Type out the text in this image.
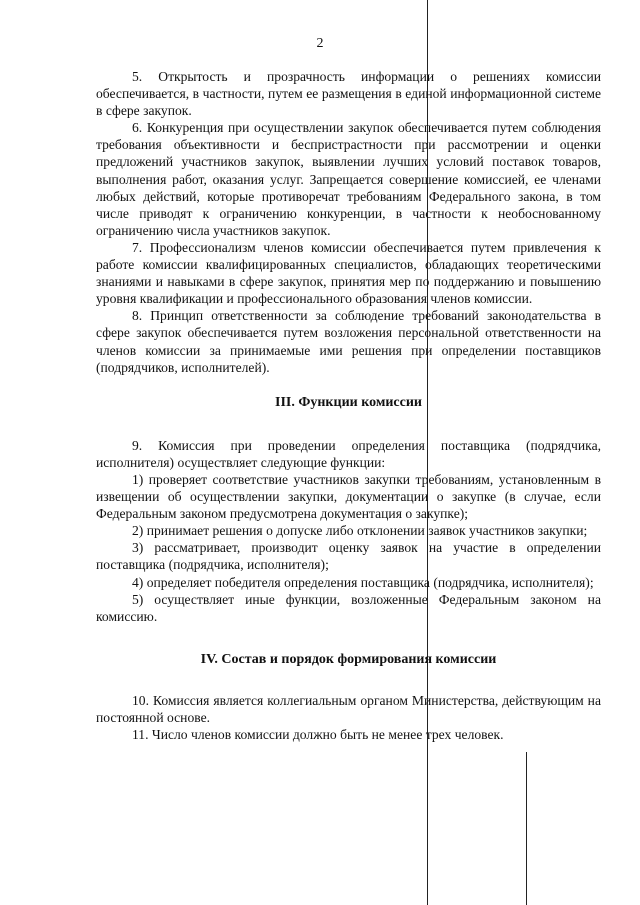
2

5. Открытость и прозрачность информации о решениях комиссии обеспечивается, в частности, путем ее размещения в единой информационной системе в сфере закупок.

6. Конкуренция при осуществлении закупок обеспечивается путем соблюдения требования объективности и беспристрастности при рассмотрении и оценки предложений участников закупок, выявлении лучших условий поставок товаров, выполнения работ, оказания услуг. Запрещается совершение комиссией, ее членами любых действий, которые противоречат требованиям Федерального закона, в том числе приводят к ограничению конкуренции, в частности к необоснованному ограничению числа участников закупок.

7. Профессионализм членов комиссии обеспечивается путем привлечения к работе комиссии квалифицированных специалистов, обладающих теоретическими знаниями и навыками в сфере закупок, принятия мер по поддержанию и повышению уровня квалификации и профессионального образования членов комиссии.

8. Принцип ответственности за соблюдение требований законодательства в сфере закупок обеспечивается путем возложения персональной ответственности на членов комиссии за принимаемые ими решения при определении поставщиков (подрядчиков, исполнителей).

III. Функции комиссии

9. Комиссия при проведении определения поставщика (подрядчика, исполнителя) осуществляет следующие функции:

1) проверяет соответствие участников закупки требованиям, установленным в извещении об осуществлении закупки, документации о закупке (в случае, если Федеральным законом предусмотрена документация о закупке);

2) принимает решения о допуске либо отклонении заявок участников закупки;

3) рассматривает, производит оценку заявок на участие в определении поставщика (подрядчика, исполнителя);

4) определяет победителя определения поставщика (подрядчика, исполнителя);

5) осуществляет иные функции, возложенные Федеральным законом на комиссию.

IV. Состав и порядок формирования комиссии

10. Комиссия является коллегиальным органом Министерства, действующим на постоянной основе.

11. Число членов комиссии должно быть не менее трех человек.
